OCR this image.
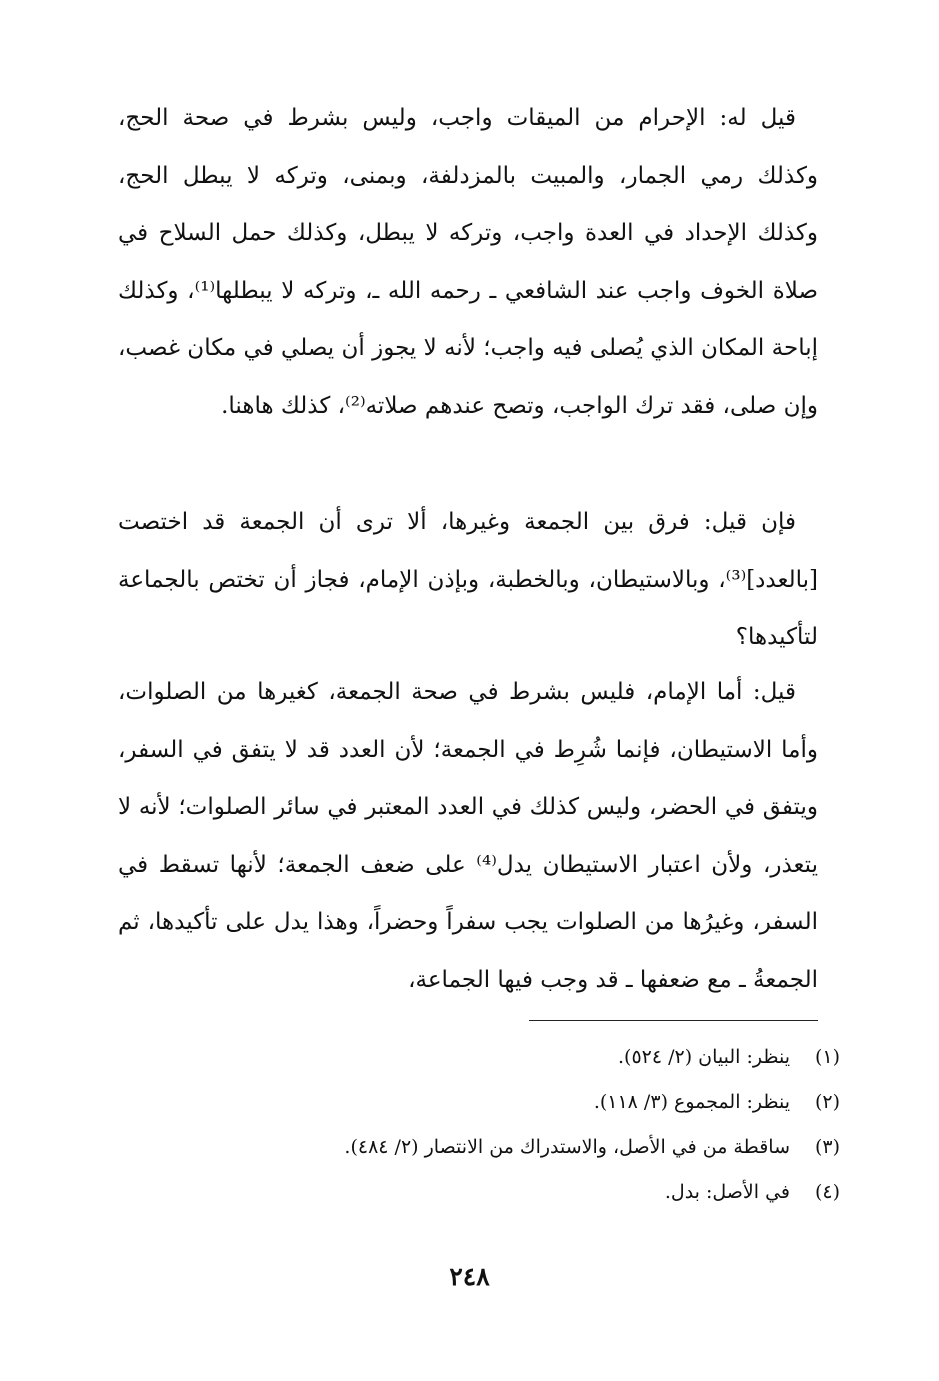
قيل له: الإحرام من الميقات واجب، وليس بشرط في صحة الحج، وكذلك رمي الجمار، والمبيت بالمزدلفة، وبمنى، وتركه لا يبطل الحج، وكذلك الإحداد في العدة واجب، وتركه لا يبطل، وكذلك حمل السلاح في صلاة الخوف واجب عند الشافعي ـ رحمه الله ـ، وتركه لا يبطلها⁽¹⁾، وكذلك إباحة المكان الذي يُصلى فيه واجب؛ لأنه لا يجوز أن يصلي في مكان غصب، وإن صلى، فقد ترك الواجب، وتصح عندهم صلاته⁽²⁾، كذلك هاهنا.

فإن قيل: فرق بين الجمعة وغيرها، ألا ترى أن الجمعة قد اختصت [بالعدد]⁽³⁾، وبالاستيطان، وبالخطبة، وبإذن الإمام، فجاز أن تختص بالجماعة لتأكيدها؟

قيل: أما الإمام، فليس بشرط في صحة الجمعة، كغيرها من الصلوات، وأما الاستيطان، فإنما شُرِط في الجمعة؛ لأن العدد قد لا يتفق في السفر، ويتفق في الحضر، وليس كذلك في العدد المعتبر في سائر الصلوات؛ لأنه لا يتعذر، ولأن اعتبار الاستيطان يدل⁽⁴⁾ على ضعف الجمعة؛ لأنها تسقط في السفر، وغيرُها من الصلوات يجب سفراً وحضراً، وهذا يدل على تأكيدها، ثم الجمعةُ ـ مع ضعفها ـ قد وجب فيها الجماعة،

(١)ينظر: البيان (٢/ ٥٢٤).
(٢)ينظر: المجموع (٣/ ١١٨).
(٣)ساقطة من في الأصل، والاستدراك من الانتصار (٢/ ٤٨٤).
(٤)في الأصل: بدل.
٢٤٨
